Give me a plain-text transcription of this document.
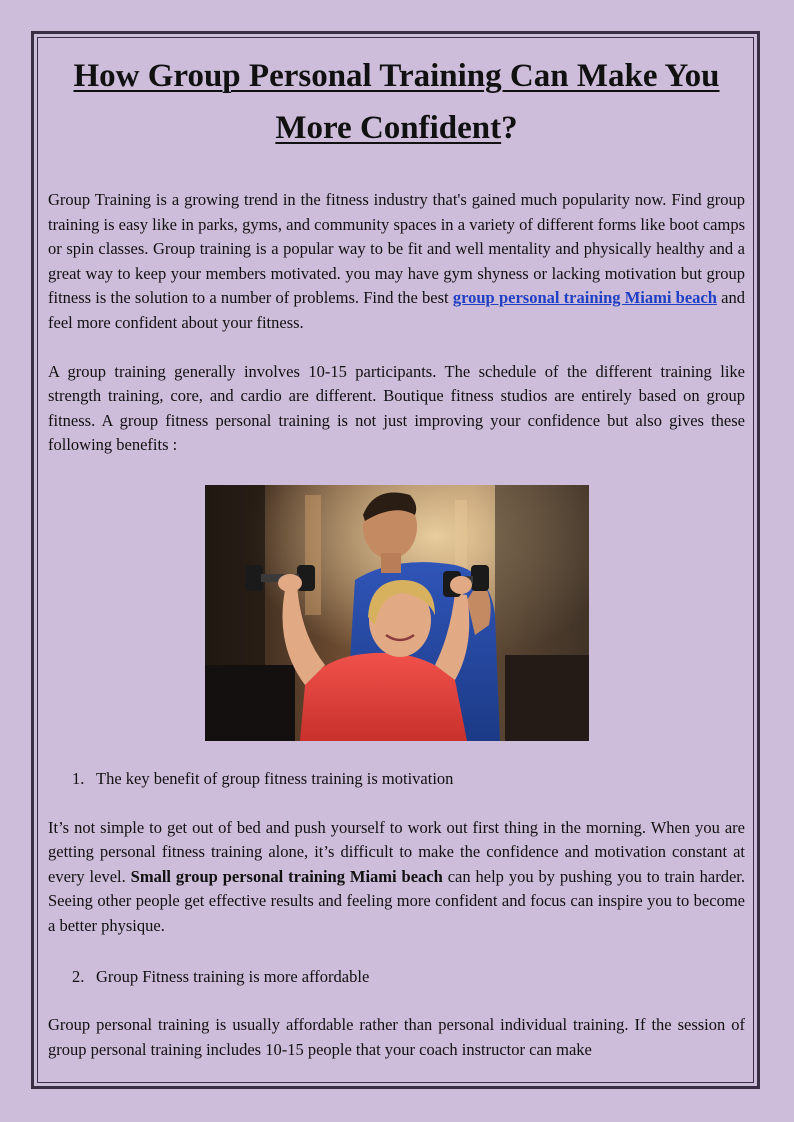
How Group Personal Training Can Make You More Confident?

Group Training is a growing trend in the fitness industry that's gained much popularity now. Find group training is easy like in parks, gyms, and community spaces in a variety of different forms like boot camps or spin classes. Group training is a popular way to be fit and well mentality and physically healthy and a great way to keep your members motivated. you may have gym shyness or lacking motivation but group fitness is the solution to a number of problems. Find the best group personal training Miami beach and feel more confident about your fitness.

A group training generally involves 10-15 participants. The schedule of the different training like strength training, core, and cardio are different. Boutique fitness studios are entirely based on group fitness. A group fitness personal training is not just improving your confidence but also gives these following benefits :

1. The key benefit of group fitness training is motivation

It’s not simple to get out of bed and push yourself to work out first thing in the morning. When you are getting personal fitness training alone, it’s difficult to make the confidence and motivation constant at every level. Small group personal training Miami beach can help you by pushing you to train harder. Seeing other people get effective results and feeling more confident and focus can inspire you to become a better physique.

2. Group Fitness training is more affordable

Group personal training is usually affordable rather than personal individual training. If the session of group personal training includes 10-15 people that your coach instructor can make
